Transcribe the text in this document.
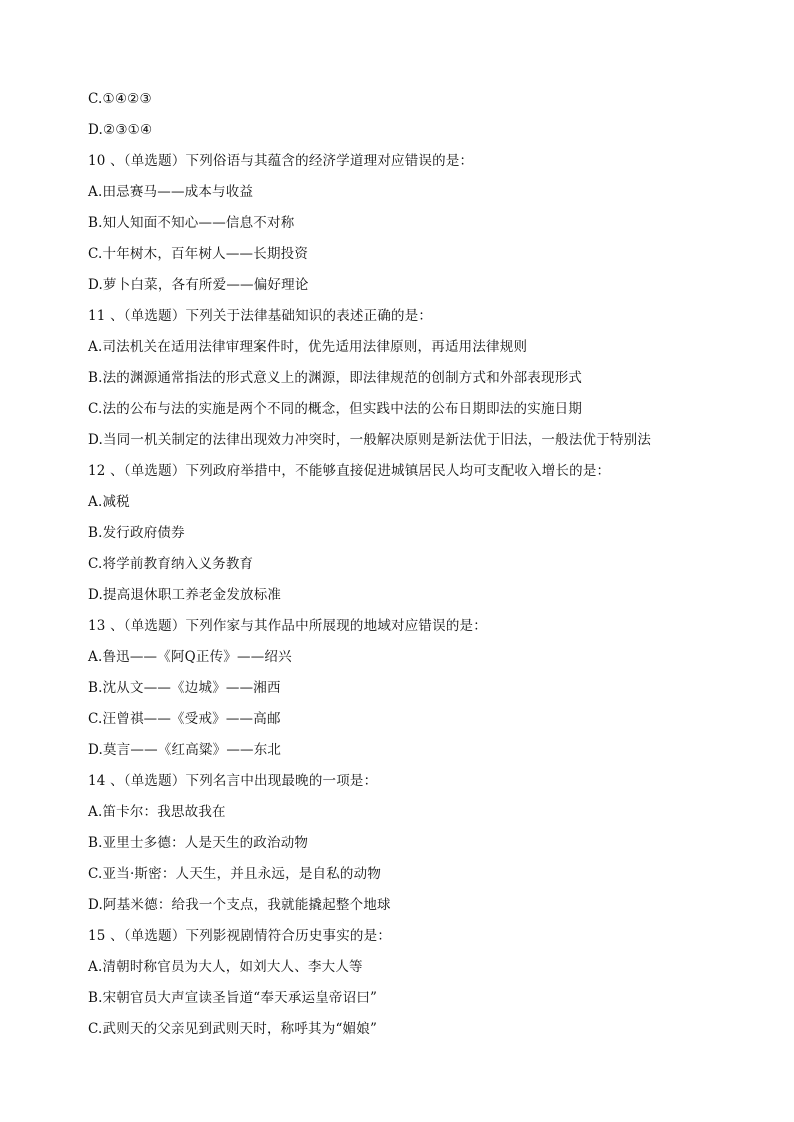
C.①④②③
D.②③①④
10 、（单选题）下列俗语与其蕴含的经济学道理对应错误的是：
A.田忌赛马——成本与收益
B.知人知面不知心——信息不对称
C.十年树木，百年树人——长期投资
D.萝卜白菜，各有所爱——偏好理论
11 、（单选题）下列关于法律基础知识的表述正确的是：
A.司法机关在适用法律审理案件时，优先适用法律原则，再适用法律规则
B.法的渊源通常指法的形式意义上的渊源，即法律规范的创制方式和外部表现形式
C.法的公布与法的实施是两个不同的概念，但实践中法的公布日期即法的实施日期
D.当同一机关制定的法律出现效力冲突时，一般解决原则是新法优于旧法，一般法优于特别法
12 、（单选题）下列政府举措中，不能够直接促进城镇居民人均可支配收入增长的是：
A.减税
B.发行政府债券
C.将学前教育纳入义务教育
D.提高退休职工养老金发放标准
13 、（单选题）下列作家与其作品中所展现的地域对应错误的是：
A.鲁迅——《阿Q正传》——绍兴
B.沈从文——《边城》——湘西
C.汪曾祺——《受戒》——高邮
D.莫言——《红高粱》——东北
14 、（单选题）下列名言中出现最晚的一项是：
A.笛卡尔：我思故我在
B.亚里士多德：人是天生的政治动物
C.亚当·斯密：人天生，并且永远，是自私的动物
D.阿基米德：给我一个支点，我就能撬起整个地球
15 、（单选题）下列影视剧情符合历史事实的是：
A.清朝时称官员为大人，如刘大人、李大人等
B.宋朝官员大声宣读圣旨道“奉天承运皇帝诏曰”
C.武则天的父亲见到武则天时，称呼其为“媚娘”
